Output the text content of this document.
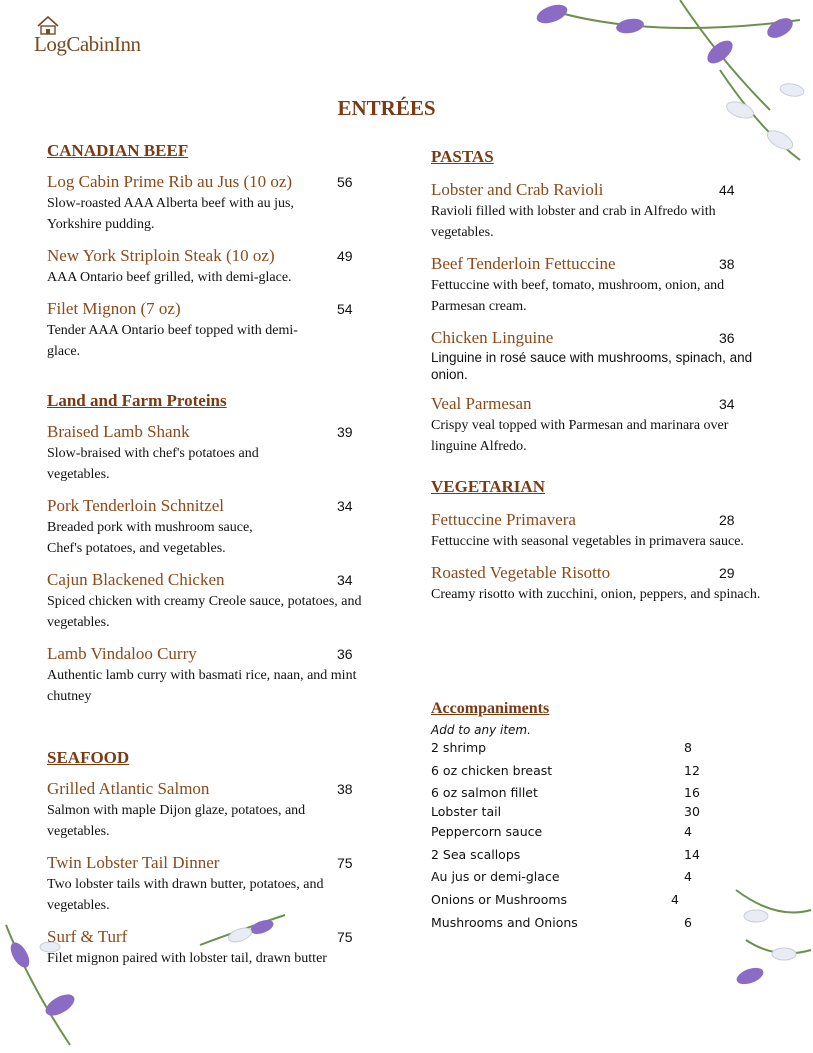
LogCabinInn
ENTRÉES
CANADIAN BEEF
Log Cabin Prime Rib au Jus (10 oz)	56
Slow-roasted AAA Alberta beef with au jus, Yorkshire pudding.
New York Striploin Steak (10 oz)	49
AAA Ontario beef grilled, with demi-glace.
Filet Mignon (7 oz)	54
Tender AAA Ontario beef topped with demi-glace.
Land and Farm Proteins
Braised Lamb Shank	39
Slow-braised with chef's potatoes and vegetables.
Pork Tenderloin Schnitzel	34
Breaded pork with mushroom sauce, Chef's potatoes, and vegetables.
Cajun Blackened Chicken	34
Spiced chicken with creamy Creole sauce, potatoes, and vegetables.
Lamb Vindaloo Curry	36
Authentic lamb curry with basmati rice, naan, and mint chutney
SEAFOOD
Grilled Atlantic Salmon	38
Salmon with maple Dijon glaze, potatoes, and vegetables.
Twin Lobster Tail Dinner	75
Two lobster tails with drawn butter, potatoes, and vegetables.
Surf & Turf	75
Filet mignon paired with lobster tail, drawn butter
PASTAS
Lobster and Crab Ravioli	44
Ravioli filled with lobster and crab in Alfredo with vegetables.
Beef Tenderloin Fettuccine	38
Fettuccine with beef, tomato, mushroom, onion, and Parmesan cream.
Chicken Linguine	36
Linguine in rosé sauce with mushrooms, spinach, and onion.
Veal Parmesan	34
Crispy veal topped with Parmesan and marinara over linguine Alfredo.
VEGETARIAN
Fettuccine Primavera	28
Fettuccine with seasonal vegetables in primavera sauce.
Roasted Vegetable Risotto	29
Creamy risotto with zucchini, onion, peppers, and spinach.
Accompaniments
Add to any item.
2 shrimp	8
6 oz chicken breast	12
6 oz salmon fillet	16
Lobster tail	30
Peppercorn sauce	4
2 Sea scallops	14
Au jus or demi-glace	4
Onions or Mushrooms	4
Mushrooms and Onions	6
